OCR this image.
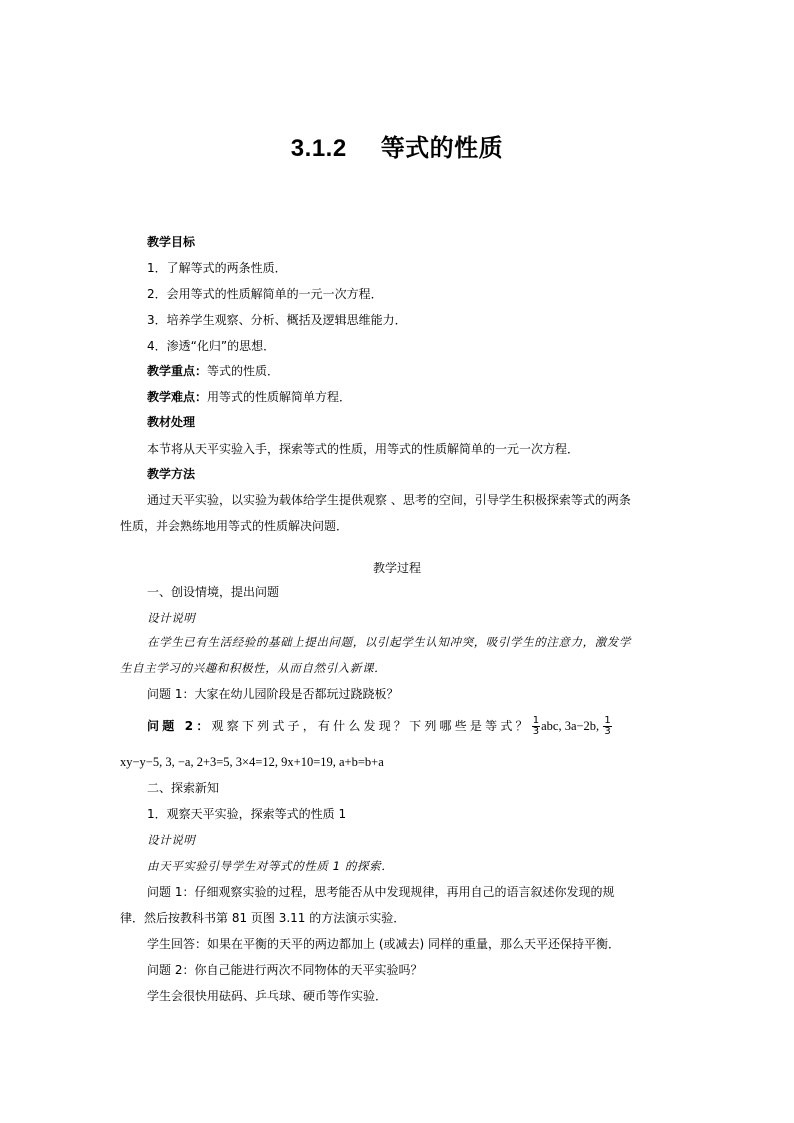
3.1.2 等式的性质
教学目标
1．了解等式的两条性质．
2．会用等式的性质解简单的一元一次方程．
3．培养学生观察、分析、概括及逻辑思维能力．
4．渗透“化归”的思想．
教学重点：等式的性质．
教学难点：用等式的性质解简单方程．
教材处理
本节将从天平实验入手，探索等式的性质，用等式的性质解简单的一元一次方程．
教学方法
通过天平实验，以实验为载体给学生提供观察 、思考的空间，引导学生积极探索等式的两条
性质，并会熟练地用等式的性质解决问题．
教学过程
一、创设情境，提出问题
设计说明
在学生已有生活经验的基础上提出问题，以引起学生认知冲突，吸引学生的注意力，激发学
生自主学习的兴趣和积极性，从而自然引入新课．
问题 1：大家在幼儿园阶段是否都玩过跷跷板？
问题 2：观察下列式子，有什么发现？下列哪些是等式？ $\frac{1}{3}$ abc, 3a−2b, $\frac{1}{3}$
xy−y−5, 3, −a, 2+3=5, 3×4=12, 9x+10=19, a+b=b+a
二、探索新知
1．观察天平实验，探索等式的性质 1
设计说明
由天平实验引导学生对等式的性质 1 的探索．
问题 1：仔细观察实验的过程，思考能否从中发现规律，再用自己的语言叙述你发现的规
律．然后按教科书第 81 页图 3.11 的方法演示实验．
学生回答：如果在平衡的天平的两边都加上 (或减去) 同样的重量，那么天平还保持平衡．
问题 2：你自己能进行两次不同物体的天平实验吗？
学生会很快用砝码、乒乓球、硬币等作实验．
